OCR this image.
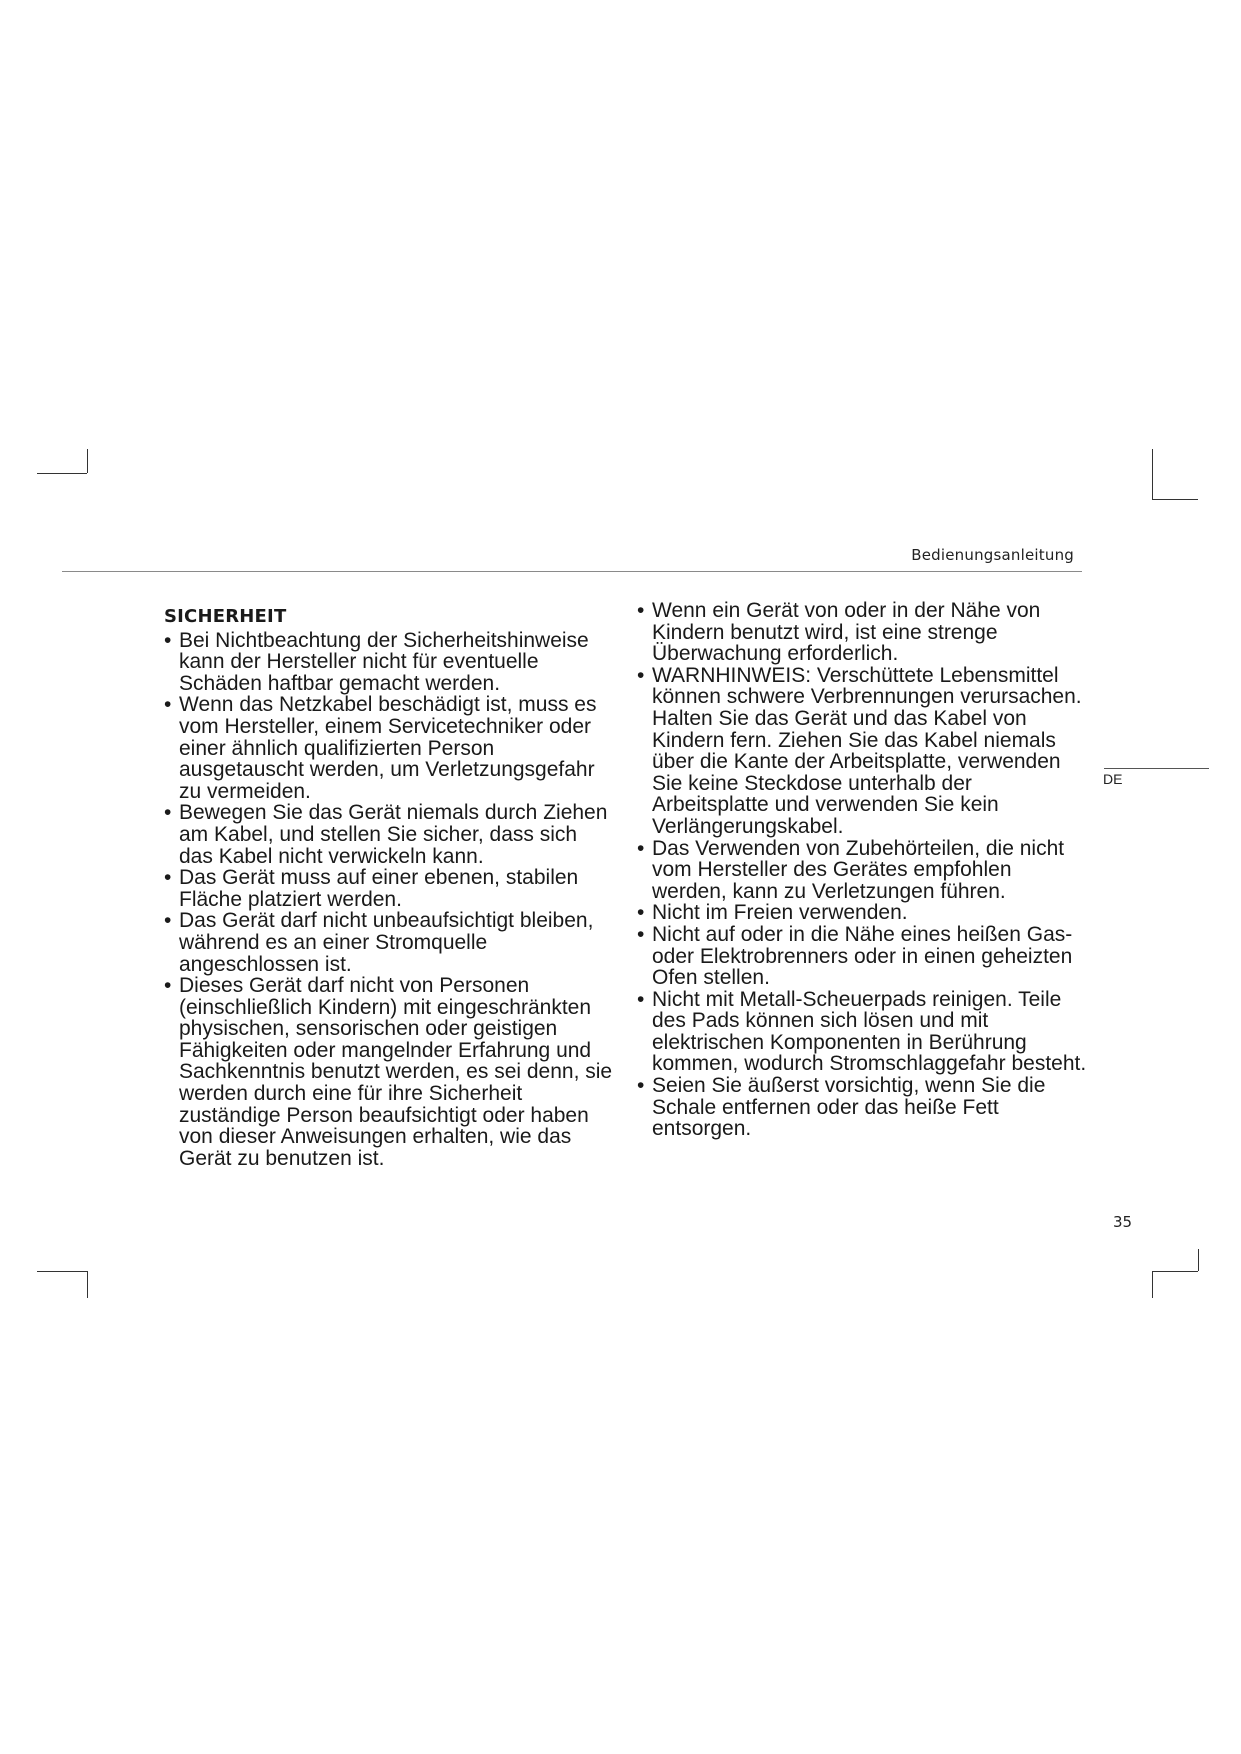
Bedienungsanleitung
DE
SICHERHEIT
• Bei Nichtbeachtung der Sicherheitshinweise kann der Hersteller nicht für eventuelle Schäden haftbar gemacht werden.
• Wenn das Netzkabel beschädigt ist, muss es vom Hersteller, einem Servicetechniker oder einer ähnlich qualifizierten Person ausgetauscht werden, um Verletzungsgefahr zu vermeiden.
• Bewegen Sie das Gerät niemals durch Ziehen am Kabel, und stellen Sie sicher, dass sich das Kabel nicht verwickeln kann.
• Das Gerät muss auf einer ebenen, stabilen Fläche platziert werden.
• Das Gerät darf nicht unbeaufsichtigt bleiben, während es an einer Stromquelle angeschlossen ist.
• Dieses Gerät darf nicht von Personen (einschließlich Kindern) mit eingeschränkten physischen, sensorischen oder geistigen Fähigkeiten oder mangelnder Erfahrung und Sachkenntnis benutzt werden, es sei denn, sie werden durch eine für ihre Sicherheit zuständige Person beaufsichtigt oder haben von dieser Anweisungen erhalten, wie das Gerät zu benutzen ist.
• Wenn ein Gerät von oder in der Nähe von Kindern benutzt wird, ist eine strenge Überwachung erforderlich.
• WARNHINWEIS: Verschüttete Lebensmittel können schwere Verbrennungen verursachen. Halten Sie das Gerät und das Kabel von Kindern fern. Ziehen Sie das Kabel niemals über die Kante der Arbeitsplatte, verwenden Sie keine Steckdose unterhalb der Arbeitsplatte und verwenden Sie kein Verlängerungskabel.
• Das Verwenden von Zubehörteilen, die nicht vom Hersteller des Gerätes empfohlen werden, kann zu Verletzungen führen.
• Nicht im Freien verwenden.
• Nicht auf oder in die Nähe eines heißen Gas- oder Elektrobrenners oder in einen geheizten Ofen stellen.
• Nicht mit Metall-Scheuerpads reinigen. Teile des Pads können sich lösen und mit elektrischen Komponenten in Berührung kommen, wodurch Stromschlaggefahr besteht.
• Seien Sie äußerst vorsichtig, wenn Sie die Schale entfernen oder das heiße Fett entsorgen.
35
